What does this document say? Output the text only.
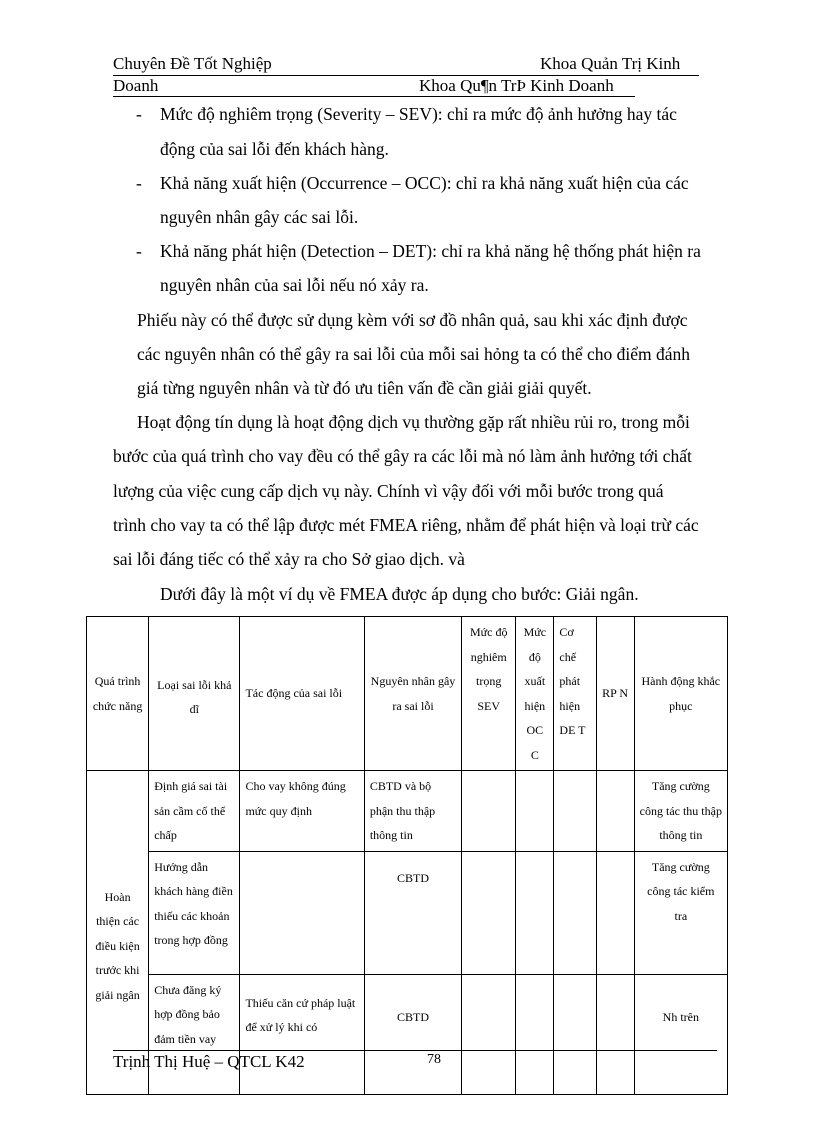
Chuyên Đề Tốt Nghiệp	Khoa Quản Trị Kinh
Doanh	Khoa Qu¶n TrÞ Kinh Doanh
- Mức độ nghiêm trọng (Severity – SEV): chỉ ra mức độ ảnh hưởng hay tác
động của sai lỗi đến khách hàng.
- Khả năng xuất hiện (Occurrence – OCC): chỉ ra khả năng xuất hiện của các
nguyên nhân gây các sai lỗi.
- Khả năng phát hiện (Detection – DET): chỉ ra khả năng hệ thống phát hiện ra
nguyên nhân của sai lỗi nếu nó xảy ra.
Phiếu này có thể được sử dụng kèm với sơ đồ nhân quả, sau khi xác định được
các nguyên nhân có thể gây ra sai lỗi của mỗi sai hỏng ta có thể cho điểm đánh
giá từng nguyên nhân và từ đó ưu tiên vấn đề cần giải giải quyết.
Hoạt động tín dụng là hoạt động dịch vụ thường gặp rất nhiều rủi ro, trong mỗi
bước của quá trình cho vay đều có thể gây ra các lỗi mà nó làm ảnh hưởng tới chất
lượng của việc cung cấp dịch vụ này. Chính vì vậy đối với mỗi bước trong quá
trình cho vay ta có thể lập được mét FMEA riêng, nhằm để phát hiện và loại trừ các
sai lỗi đáng tiếc có thể xảy ra cho Sở giao dịch. và
Dưới đây là một ví dụ về FMEA được áp dụng cho bước: Giải ngân.
Quá trình chức năng	Loại sai lỗi khả dĩ	Tác động của sai lỗi	Nguyên nhân gây ra sai lỗi	Mức độ nghiêm trọng SEV	Mức độ xuất hiện OC C	Cơ chế phát hiện DE T	RP N	Hành động khắc phục
Hoàn thiện các điều kiện trước khi giải ngân	Định giá sai tài sản cầm cố thế chấp	Cho vay không đúng mức quy định	CBTD và bộ phận thu thập thông tin					Tăng cường công tác thu thập thông tin
	Hướng dẫn khách hàng điền thiếu các khoản trong hợp đồng		CBTD					Tăng cường công tác kiểm tra
	Chưa đăng ký hợp đồng bảo đảm tiền vay	Thiếu căn cứ pháp luật để xử lý khi có	CBTD					Nh trên
Trịnh Thị Huệ – QTCL K42	78
